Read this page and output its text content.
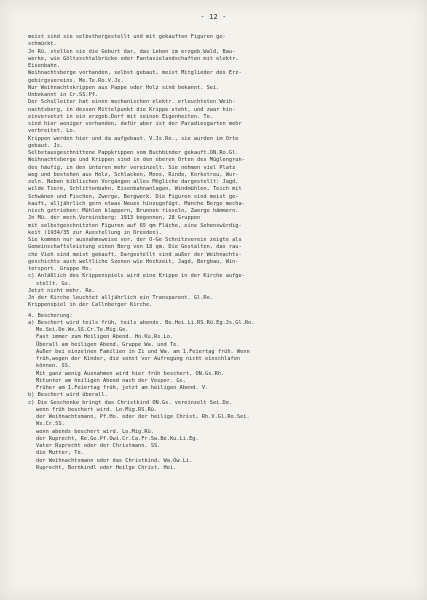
- 12 -
meist sind sie selbsthergestellt und mit gekauften Figuren ge-
schmückt.
Jn Rü. stellen sie die Geburt dar, das Leben im erzgeb.Wald, Bau-
werke, wie Göltzschtalbrücke oder Fantasielandschaften mit elektr.
Eisenbahn.
Weihnachtsberge vorhanden, selbst gebaut, meist Mitglieder des Erz-
gebirgsvereins. Me.Te.Ro.V.Js.
Nur Weihnachtskrippen aus Pappe oder Holz sind bekannt. Sei.
Unbekannt in Cr.SS.Pf.
Der Schulleiter hat einen mechanischen elektr. erleuchteten Weih-
nachtsberg, in dessen Mittelpunkt die Krippe steht, und zwar hin-
einversetzt in ein erzgeb.Dorf mit seinen Eigenheiten. Te.
sind hier weniger vorhanden, dafür aber ist der Paradiesgarten mehr
verbreitet. Lo.
Krippen werden hier und da aufgebaut. V.Js.Re., sie wurden im Orte
gebaut. Js.
Selbstausgeschnittene Pappkrippen vom Buchbinder gekauft.ON.Ro.Gl.
Weihnachtsberge und Krippen sind in den oberen Orten des Müglengrun-
des häufig, in den unteren mehr vereinzelt. Sie nehmen viel Platz
weg und bestehen aus Holz, Schlacken, Moos, Rinde, Korkstreu, Wur-
zeln. Neben biblischen Vorgängen alles Mögliche dargestellt: Jagd,
wilde Tiere, Schlittenbahn, Eisenbahnanlagen, Windmühlen, Teich mit
Schwänen und Fischen, Zwerge, Bergwerk. Die Figuren sind meist ge-
kauft, alljährlich gern etwas Neues hinzugefügt. Manche Berge mecha-
nisch getrieben: Mühlen klappern, Brunnen rieseln, Zwerge hämmern.
Jn Mü. der mech.Vereinsberg: 1913 begonnen, 28 Gruppen
mit selbstgeschnitzten Figuren auf 65 qm Fläche, eine Sehenswürdig-
keit (1934/35 zur Ausstellung in Dresden).
Sie kommen nur ausnahmsweise vor, der O-Ge Schnitzverein zeigte als
Gemeinschaftsleistung einen Berg von 18 qm. Die Gestalten, das rau-
che Vieh sind meist gekauft. Dargestellt sind außer der Weihnachts-
geschichte auch weltliche Szenen wie Hochzeit, Jagd, Bergbau, Win-
tersport. Gruppe Ho.
c) Anläßlich des Krippenspiels wird eine Krippe in der Kirche aufge-
stellt. Gs.
Jetzt nicht mehr. Re.
Jn der Kirche leuchtet alljährlich ein Transparent. Gl.Ro.
Krippenspiel in der Callnberger Kirche.
4. Bescherung:
a) Beschert wird teils früh, teils abends. Be.Hei.Li.RS.Rü.Eg.Js.Gl.Ro.
Me.Sei.De.Ws.SS.Cr.Te.Mig.Ge.
Fast immer zum Heiligen Abend. Ho.Ku.Rs.Lo.
Überall am heiligen Abend. Gruppe Wa. und Te.
Außer bei einzelnen Familien in Zi und Wa. am 1.Feiertag früh. Wenn
früh,wegen der Kinder, die sonst vor Aufregung nicht einschlafen
können. SS.
Mit ganz wenig Ausnahmen wird hier früh beschert. ON.Gs.Rh.
Mitunter am heiligen Abend nach der Vesper. Gs.
Früher am 1.Feiertag früh, jetzt am heiligen Abend. V.
b) Beschert wird überall.
c) Die Geschenke bringt das Christkind ON.Gs. vereinzelt Sei.De.
wenn früh beschert wird. Lo.Mig.RS.Rü.
der Weihnachtsmann, Pf.Ho. oder der heilige Christ, Rh.V.Gl.Ro.Sei.
Ws.Cr.SS.
wenn abends beschert wird. Lo.Mig.Rü.
der Ruprecht, Re.Ge.Pf.Owi.Cr.Ca.Fr.Sw.Be.Ku.Li.Eg.
Vater Ruprecht oder der Christmann. SS.
die Mutter, Te.
der Weihnachtsmann oder das Christkind. Wa.Ow.Li.
Ruprecht, Bornkindl oder Heilge Christ. Hei.
